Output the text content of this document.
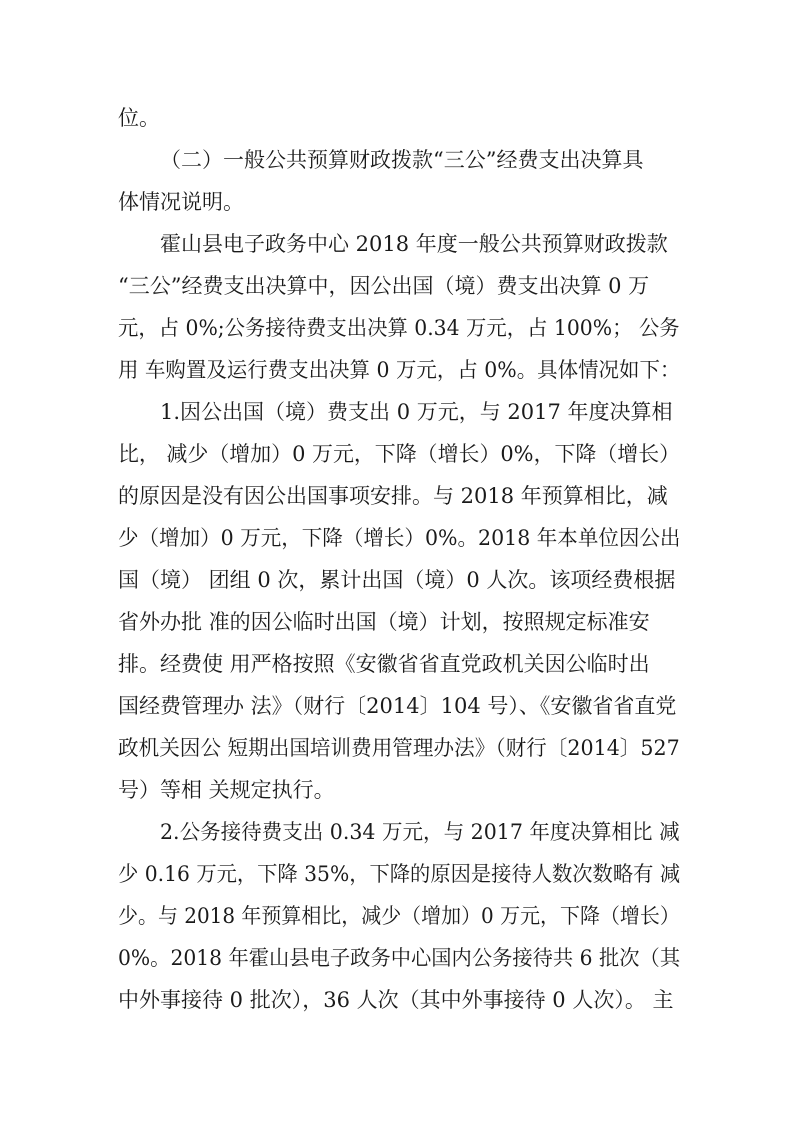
位。
（二）一般公共预算财政拨款“三公”经费支出决算具
体情况说明。
霍山县电子政务中心 2018 年度一般公共预算财政拨款
“三公”经费支出决算中，因公出国（境）费支出决算 0 万
元，占 0%;公务接待费支出决算 0.34 万元，占 100%； 公务
用 车购置及运行费支出决算 0 万元，占 0%。具体情况如下：
1.因公出国（境）费支出 0 万元，与 2017 年度决算相
比， 减少（增加）0 万元，下降（增长）0%，下降（增长）
的原因是没有因公出国事项安排。与 2018 年预算相比，减
少（增加）0 万元，下降（增长）0%。2018 年本单位因公出
国（境） 团组 0 次，累计出国（境）0 人次。该项经费根据
省外办批 准的因公临时出国（境）计划，按照规定标准安
排。经费使 用严格按照《安徽省省直党政机关因公临时出
国经费管理办 法》（财行〔2014〕104 号）、《安徽省省直党
政机关因公 短期出国培训费用管理办法》（财行〔2014〕527
号）等相 关规定执行。
2.公务接待费支出 0.34 万元，与 2017 年度决算相比 减
少 0.16 万元，下降 35%，下降的原因是接待人数次数略有 减
少。与 2018 年预算相比，减少（增加）0 万元，下降（增长）
0%。2018 年霍山县电子政务中心国内公务接待共 6 批次（其
中外事接待 0 批次），36 人次（其中外事接待 0 人次）。 主
